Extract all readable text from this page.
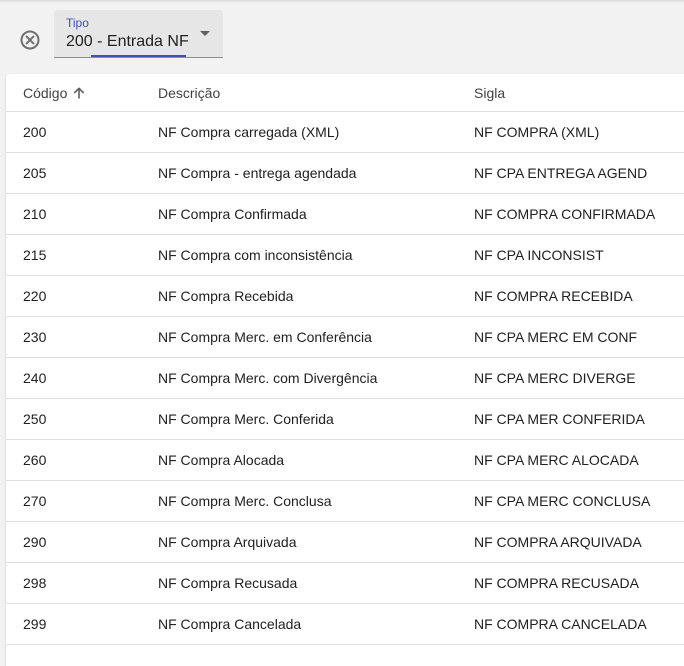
Tipo
200 - Entrada NF
Código	Descrição	Sigla
200	NF Compra carregada (XML)	NF COMPRA (XML)
205	NF Compra - entrega agendada	NF CPA ENTREGA AGEND
210	NF Compra Confirmada	NF COMPRA CONFIRMADA
215	NF Compra com inconsistência	NF CPA INCONSIST
220	NF Compra Recebida	NF COMPRA RECEBIDA
230	NF Compra Merc. em Conferência	NF CPA MERC EM CONF
240	NF Compra Merc. com Divergência	NF CPA MERC DIVERGE
250	NF Compra Merc. Conferida	NF CPA MER CONFERIDA
260	NF Compra Alocada	NF CPA MERC ALOCADA
270	NF Compra Merc. Conclusa	NF CPA MERC CONCLUSA
290	NF Compra Arquivada	NF COMPRA ARQUIVADA
298	NF Compra Recusada	NF COMPRA RECUSADA
299	NF Compra Cancelada	NF COMPRA CANCELADA
